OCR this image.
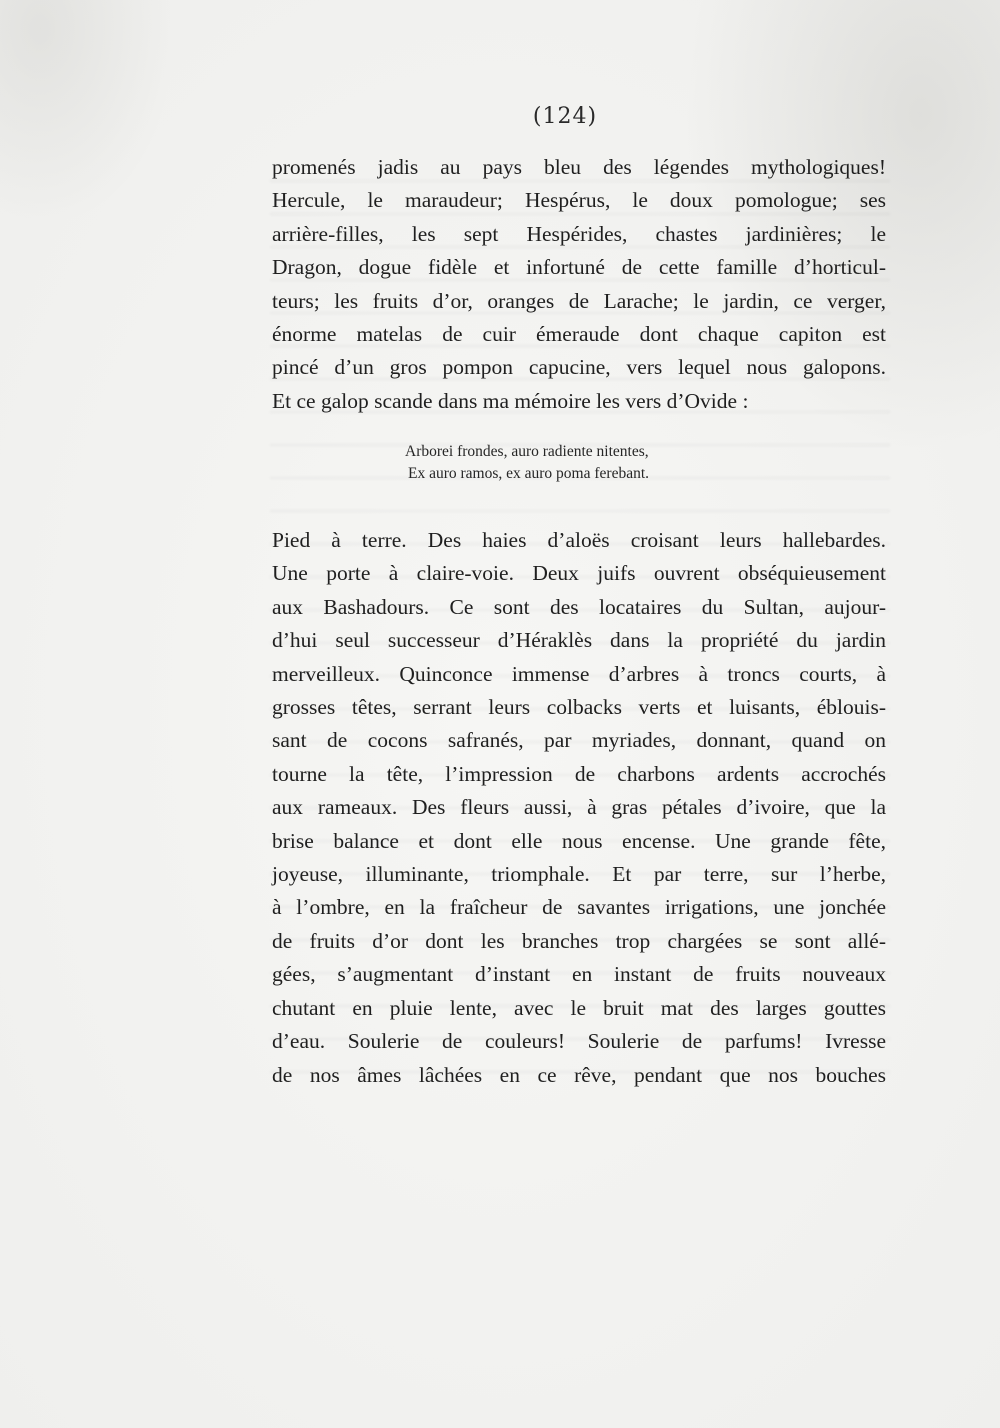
(124)

promenés jadis au pays bleu des légendes mythologiques!
Hercule, le maraudeur; Hespérus, le doux pomologue; ses
arrière-filles, les sept Hespérides, chastes jardinières; le
Dragon, dogue fidèle et infortuné de cette famille d’horticul-
teurs; les fruits d’or, oranges de Larache; le jardin, ce verger,
énorme matelas de cuir émeraude dont chaque capiton est
pincé d’un gros pompon capucine, vers lequel nous galopons.
Et ce galop scande dans ma mémoire les vers d’Ovide :

Arborei frondes, auro radiente nitentes,
Ex auro ramos, ex auro poma ferebant.

Pied à terre. Des haies d’aloës croisant leurs hallebardes.
Une porte à claire-voie. Deux juifs ouvrent obséquieusement
aux Bashadours. Ce sont des locataires du Sultan, aujour-
d’hui seul successeur d’Héraklès dans la propriété du jardin
merveilleux. Quinconce immense d’arbres à troncs courts, à
grosses têtes, serrant leurs colbacks verts et luisants, éblouis-
sant de cocons safranés, par myriades, donnant, quand on
tourne la tête, l’impression de charbons ardents accrochés
aux rameaux. Des fleurs aussi, à gras pétales d’ivoire, que la
brise balance et dont elle nous encense. Une grande fête,
joyeuse, illuminante, triomphale. Et par terre, sur l’herbe,
à l’ombre, en la fraîcheur de savantes irrigations, une jonchée
de fruits d’or dont les branches trop chargées se sont allé-
gées, s’augmentant d’instant en instant de fruits nouveaux
chutant en pluie lente, avec le bruit mat des larges gouttes
d’eau. Soulerie de couleurs! Soulerie de parfums! Ivresse
de nos âmes lâchées en ce rêve, pendant que nos bouches
